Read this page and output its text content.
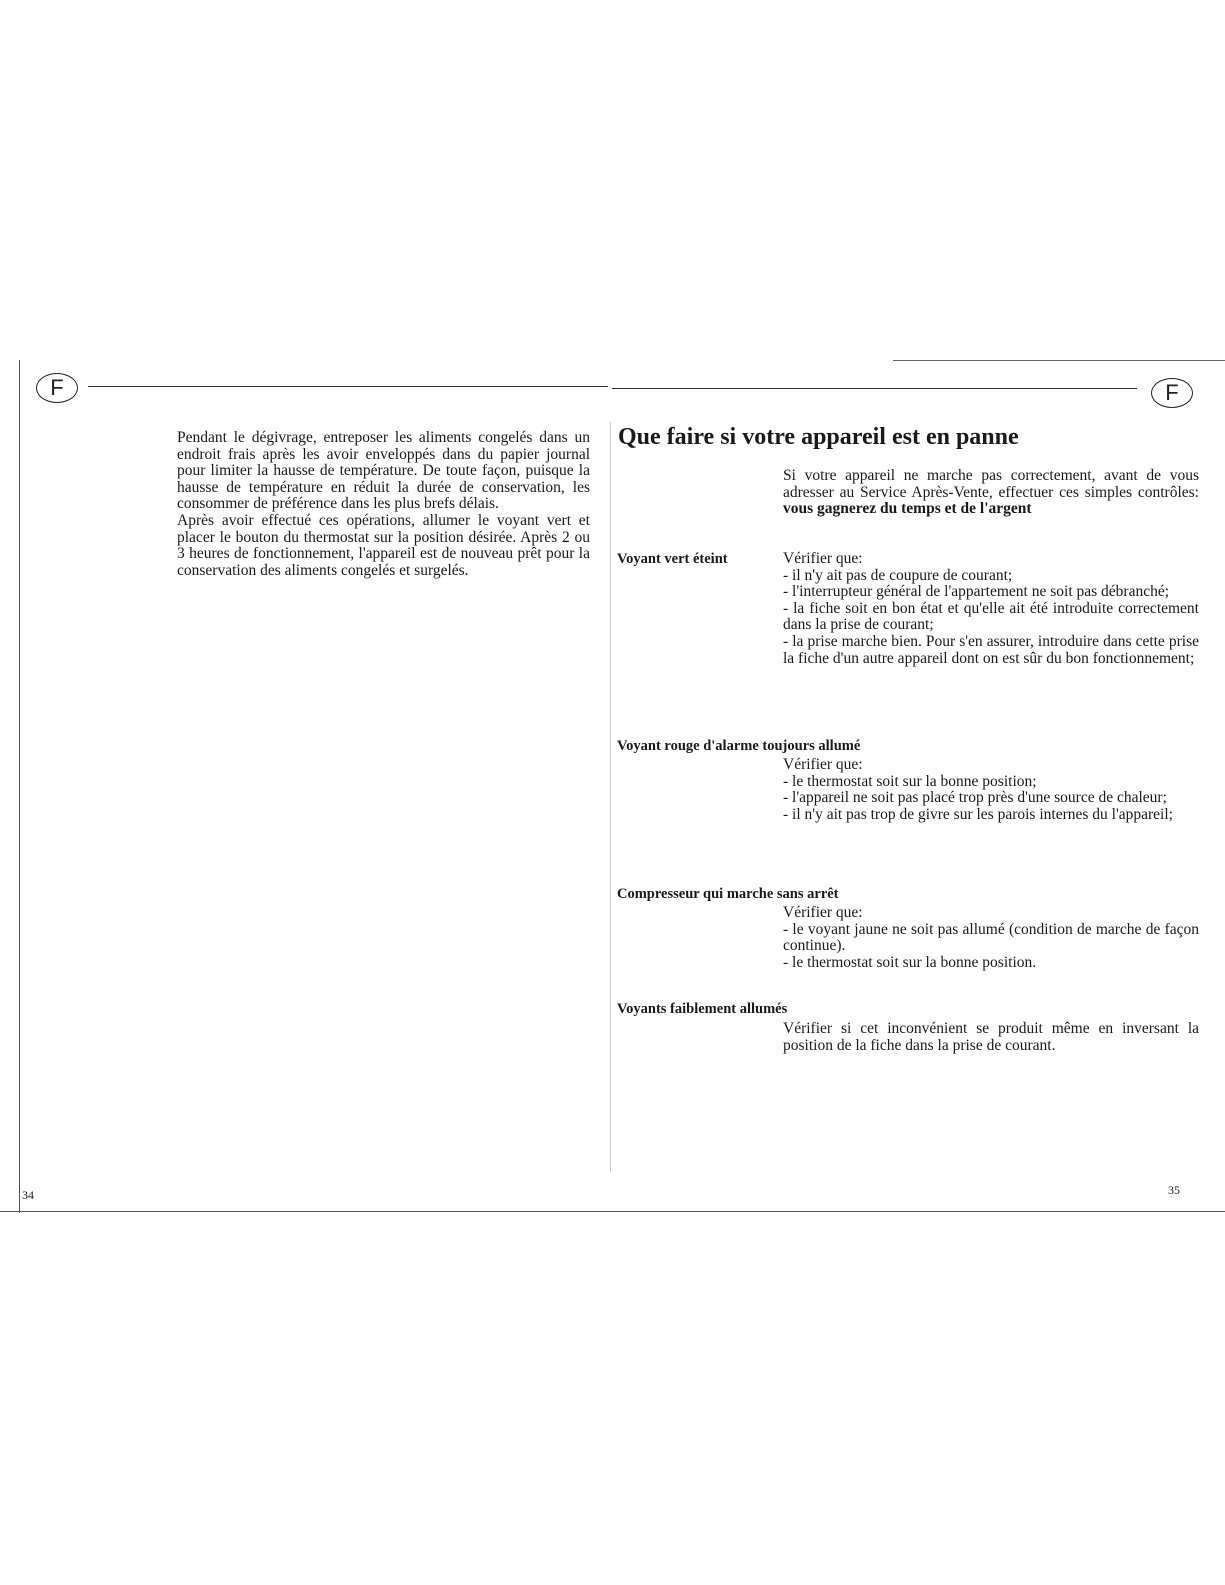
F	F
Pendant le dégivrage, entreposer les aliments congelés dans un endroit frais après les avoir enveloppés dans du papier journal pour limiter la hausse de température. De toute façon, puisque la hausse de température en réduit la durée de conservation, les consommer de préférence dans les plus brefs délais.
Après avoir effectué ces opérations, allumer le voyant vert et placer le bouton du thermostat sur la position désirée. Après 2 ou 3 heures de fonctionnement, l'appareil est de nouveau prêt pour la conservation des aliments congelés et surgelés.
34
Que faire si votre appareil est en panne
Si votre appareil ne marche pas correctement, avant de vous adresser au Service Après-Vente, effectuer ces simples contrôles: vous gagnerez du temps et de l'argent
Voyant vert éteint	Vérifier que:

- il n'y ait pas de coupure de courant;

- l'interrupteur général de l'appartement ne soit pas débranché;

- la fiche soit en bon état et qu'elle ait été introduite correctement dans la prise de courant;

- la prise marche bien. Pour s'en assurer, introduire dans cette prise la fiche d'un autre appareil dont on est sûr du bon fonctionnement;

Voyant rouge d'alarme toujours allumé

Vérifier que:

- le thermostat soit sur la bonne position;

- l'appareil ne soit pas placé trop près d'une source de chaleur;

- il n'y ait pas trop de givre sur les parois internes du l'appareil;

Compresseur qui marche sans arrêt

Vérifier que:

- le voyant jaune ne soit pas allumé (condition de marche de façon continue).

- le thermostat soit sur la bonne position.

Voyants faiblement allumés

Vérifier si cet inconvénient se produit même en inversant la position de la fiche dans la prise de courant.

35
